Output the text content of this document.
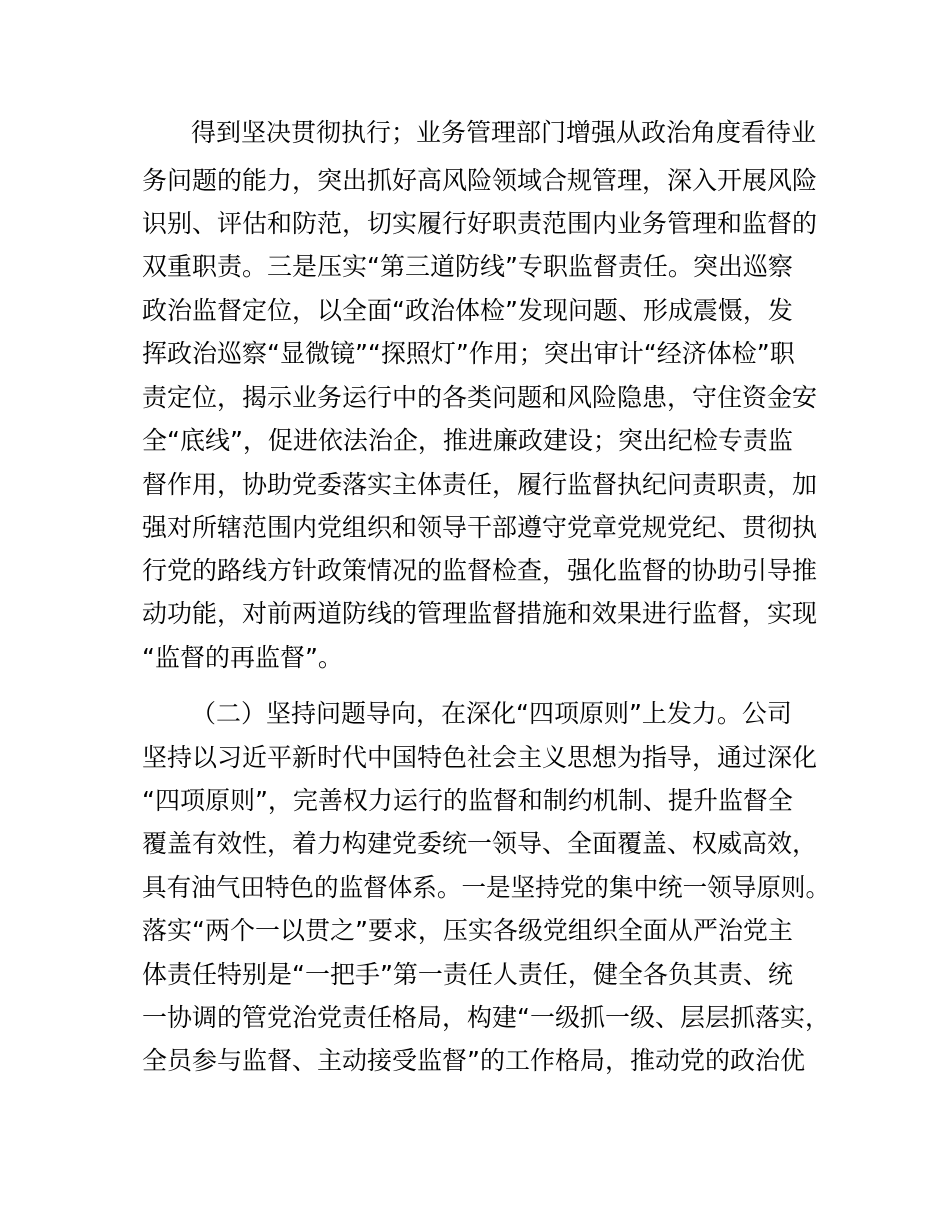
得到坚决贯彻执行；业务管理部门增强从政治角度看待业
务问题的能力，突出抓好高风险领域合规管理，深入开展风险
识别、评估和防范，切实履行好职责范围内业务管理和监督的
双重职责。三是压实“第三道防线”专职监督责任。突出巡察
政治监督定位，以全面“政治体检”发现问题、形成震慑，发
挥政治巡察“显微镜”“探照灯”作用；突出审计“经济体检”职
责定位，揭示业务运行中的各类问题和风险隐患，守住资金安
全“底线”，促进依法治企，推进廉政建设；突出纪检专责监
督作用，协助党委落实主体责任，履行监督执纪问责职责，加
强对所辖范围内党组织和领导干部遵守党章党规党纪、贯彻执
行党的路线方针政策情况的监督检查，强化监督的协助引导推
动功能，对前两道防线的管理监督措施和效果进行监督，实现
“监督的再监督”。
（二）坚持问题导向，在深化“四项原则”上发力。公司
坚持以习近平新时代中国特色社会主义思想为指导，通过深化
“四项原则”，完善权力运行的监督和制约机制、提升监督全
覆盖有效性，着力构建党委统一领导、全面覆盖、权威高效，
具有油气田特色的监督体系。一是坚持党的集中统一领导原则。
落实“两个一以贯之”要求，压实各级党组织全面从严治党主
体责任特别是“一把手”第一责任人责任，健全各负其责、统
一协调的管党治党责任格局，构建“一级抓一级、层层抓落实，
全员参与监督、主动接受监督”的工作格局，推动党的政治优
